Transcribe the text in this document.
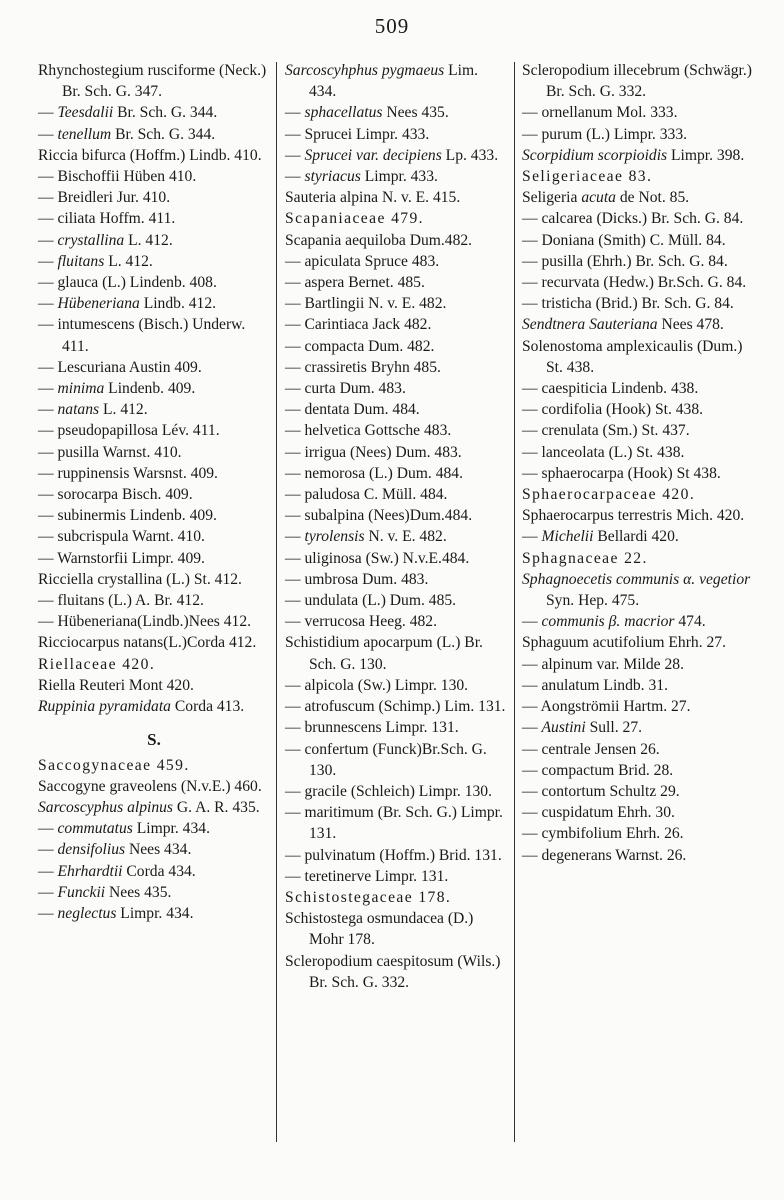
509
Rhynchostegium rusciforme (Neck.) Br. Sch. G. 347.
— Teesdalii Br. Sch. G. 344.
— tenellum Br. Sch. G. 344.
Riccia bifurca (Hoffm.) Lindb. 410.
— Bischoffii Hüben 410.
— Breidleri Jur. 410.
— ciliata Hoffm. 411.
— crystallina L. 412.
— fluitans L. 412.
— glauca (L.) Lindenb. 408.
— Hübeneriana Lindb. 412.
— intumescens (Bisch.) Underw. 411.
— Lescuriana Austin 409.
— minima Lindenb. 409.
— natans L. 412.
— pseudopapillosa Lév. 411.
— pusilla Warnst. 410.
— ruppinensis Warsnst. 409.
— sorocarpa Bisch. 409.
— subinermis Lindenb. 409.
— subcrispula Warnt. 410.
— Warnstorfii Limpr. 409.
Ricciella crystallina (L.) St. 412.
— fluitans (L.) A. Br. 412.
— Hübeneriana(Lindb.)Nees 412.
Ricciocarpus natans(L.)Corda 412.
Riellaceae 420.
Riella Reuteri Mont 420.
Ruppinia pyramidata Corda 413.
S.
Saccogynaceae 459.
Saccogyne graveolens (N.v.E.) 460.
Sarcoscyphus alpinus G. A. R. 435.
— commutatus Limpr. 434.
— densifolius Nees 434.
— Ehrhardtii Corda 434.
— Funckii Nees 435.
— neglectus Limpr. 434.
Sarcoscyhphus pygmaeus Lim. 434.
— sphacellatus Nees 435.
— Sprucei Limpr. 433.
— Sprucei var. decipiens Lp. 433.
— styriacus Limpr. 433.
Sauteria alpina N. v. E. 415.
Scapaniaceae 479.
Scapania aequiloba Dum.482.
— apiculata Spruce 483.
— aspera Bernet. 485.
— Bartlingii N. v. E. 482.
— Carintiaca Jack 482.
— compacta Dum. 482.
— crassiretis Bryhn 485.
— curta Dum. 483.
— dentata Dum. 484.
— helvetica Gottsche 483.
— irrigua (Nees) Dum. 483.
— nemorosa (L.) Dum. 484.
— paludosa C. Müll. 484.
— subalpina (Nees)Dum.484.
— tyrolensis N. v. E. 482.
— uliginosa (Sw.) N.v.E.484.
— umbrosa Dum. 483.
— undulata (L.) Dum. 485.
— verrucosa Heeg. 482.
Schistidium apocarpum (L.) Br. Sch. G. 130.
— alpicola (Sw.) Limpr. 130.
— atrofuscum (Schimp.) Lim. 131.
— brunnescens Limpr. 131.
— confertum (Funck)Br.Sch. G. 130.
— gracile (Schleich) Limpr. 130.
— maritimum (Br. Sch. G.) Limpr. 131.
— pulvinatum (Hoffm.) Brid. 131.
— teretinerve Limpr. 131.
Schistostegaceae 178.
Schistostega osmundacea (D.) Mohr 178.
Scleropodium caespitosum (Wils.) Br. Sch. G. 332.
Scleropodium illecebrum (Schwägr.) Br. Sch. G. 332.
— ornellanum Mol. 333.
— purum (L.) Limpr. 333.
Scorpidium scorpioidis Limpr. 398.
Seligeriaceae 83.
Seligeria acuta de Not. 85.
— calcarea (Dicks.) Br. Sch. G. 84.
— Doniana (Smith) C. Müll. 84.
— pusilla (Ehrh.) Br. Sch. G. 84.
— recurvata (Hedw.) Br.Sch. G. 84.
— tristicha (Brid.) Br. Sch. G. 84.
Sendtnera Sauteriana Nees 478.
Solenostoma amplexicaulis (Dum.) St. 438.
— caespiticia Lindenb. 438.
— cordifolia (Hook) St. 438.
— crenulata (Sm.) St. 437.
— lanceolata (L.) St. 438.
— sphaerocarpa (Hook) St 438.
Sphaerocarpaceae 420.
Sphaerocarpus terrestris Mich. 420.
— Michelii Bellardi 420.
Sphagnaceae 22.
Sphagnoecetis communis α. vegetior Syn. Hep. 475.
— communis β. macrior 474.
Sphaguum acutifolium Ehrh. 27.
— alpinum var. Milde 28.
— anulatum Lindb. 31.
— Aongströmii Hartm. 27.
— Austini Sull. 27.
— centrale Jensen 26.
— compactum Brid. 28.
— contortum Schultz 29.
— cuspidatum Ehrh. 30.
— cymbifolium Ehrh. 26.
— degenerans Warnst. 26.
